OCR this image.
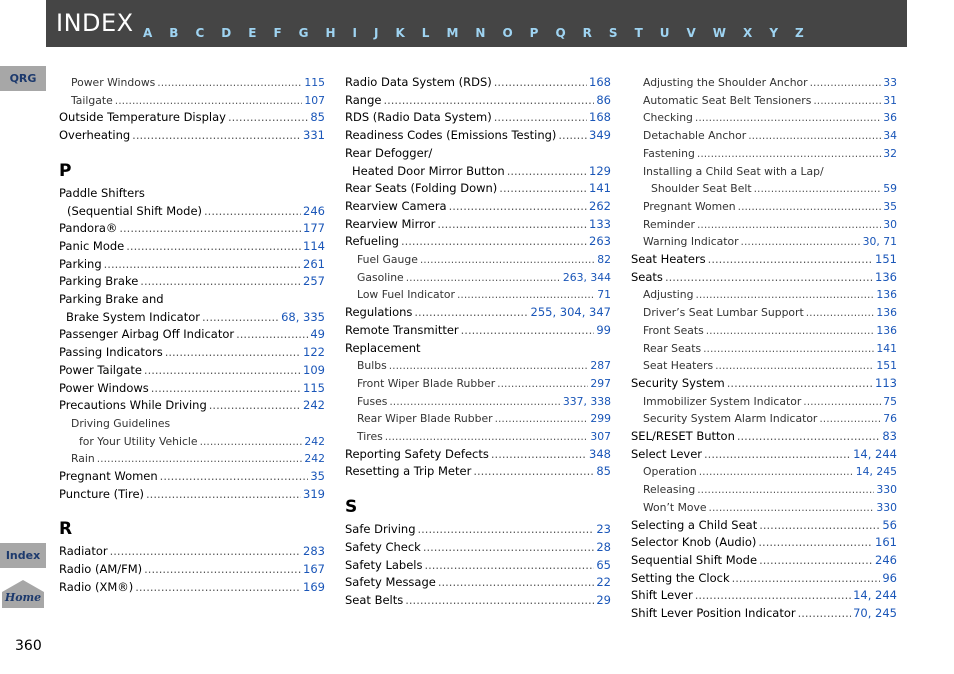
INDEX A B C D E F G H I J K L M N O P Q R S T U V W X Y Z
QRG
Index
Home
Power Windows .....	115
Tailgate .....	107
Outside Temperature Display .....	85
Overheating .....	331
P
Paddle Shifters
(Sequential Shift Mode) .....	246
Pandora® .....	177
Panic Mode .....	114
Parking .....	261
Parking Brake .....	257
Parking Brake and
Brake System Indicator .....	68, 335
Passenger Airbag Off Indicator .....	49
Passing Indicators .....	122
Power Tailgate .....	109
Power Windows .....	115
Precautions While Driving .....	242
Driving Guidelines
for Your Utility Vehicle .....	242
Rain .....	242
Pregnant Women .....	35
Puncture (Tire) .....	319
R
Radiator .....	283
Radio (AM/FM) .....	167
Radio (XM®) .....	169
Radio Data System (RDS) .....	168
Range .....	86
RDS (Radio Data System) .....	168
Readiness Codes (Emissions Testing) .....	349
Rear Defogger/
Heated Door Mirror Button .....	129
Rear Seats (Folding Down) .....	141
Rearview Camera .....	262
Rearview Mirror .....	133
Refueling .....	263
Fuel Gauge .....	82
Gasoline .....	263, 344
Low Fuel Indicator .....	71
Regulations .....	255, 304, 347
Remote Transmitter .....	99
Replacement
Bulbs .....	287
Front Wiper Blade Rubber .....	297
Fuses .....	337, 338
Rear Wiper Blade Rubber .....	299
Tires .....	307
Reporting Safety Defects .....	348
Resetting a Trip Meter .....	85
S
Safe Driving .....	23
Safety Check .....	28
Safety Labels .....	65
Safety Message .....	22
Seat Belts .....	29
Adjusting the Shoulder Anchor .....	33
Automatic Seat Belt Tensioners .....	31
Checking .....	36
Detachable Anchor .....	34
Fastening .....	32
Installing a Child Seat with a Lap/
Shoulder Seat Belt .....	59
Pregnant Women .....	35
Reminder .....	30
Warning Indicator .....	30, 71
Seat Heaters .....	151
Seats .....	136
Adjusting .....	136
Driver’s Seat Lumbar Support .....	136
Front Seats .....	136
Rear Seats .....	141
Seat Heaters .....	151
Security System .....	113
Immobilizer System Indicator .....	75
Security System Alarm Indicator .....	76
SEL/RESET Button .....	83
Select Lever .....	14, 244
Operation .....	14, 245
Releasing .....	330
Won’t Move .....	330
Selecting a Child Seat .....	56
Selector Knob (Audio) .....	161
Sequential Shift Mode .....	246
Setting the Clock .....	96
Shift Lever .....	14, 244
Shift Lever Position Indicator .....	70, 245
360
